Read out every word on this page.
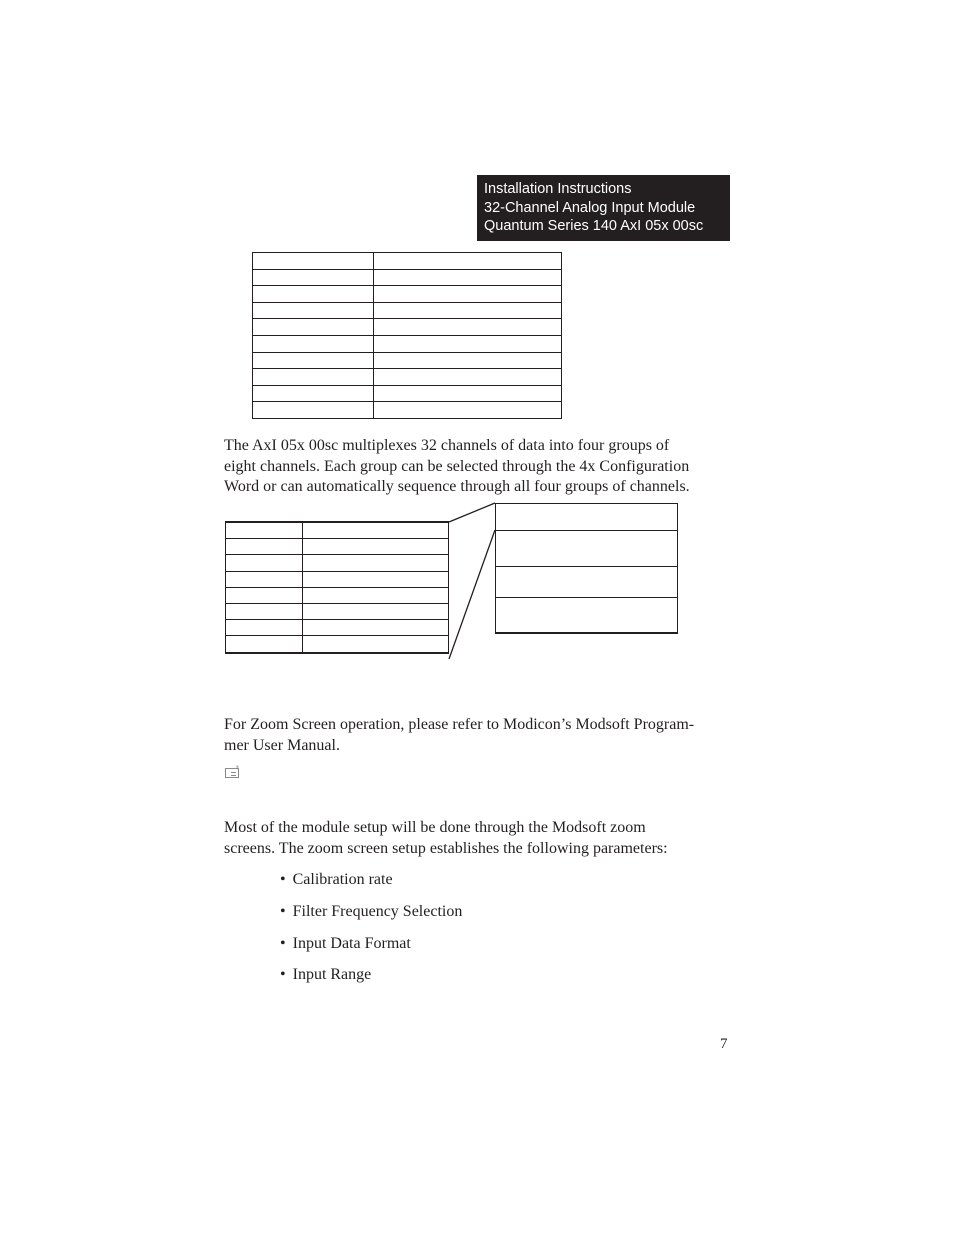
Installation Instructions
32-Channel Analog Input Module
Quantum Series 140 AxI 05x 00sc

The AxI 05x 00sc multiplexes 32 channels of data into four groups of
eight channels. Each group can be selected through the 4x Configuration
Word or can automatically sequence through all four groups of channels.

For Zoom Screen operation, please refer to Modicon’s Modsoft Program-
mer User Manual.
*
Most of the module setup will be done through the Modsoft zoom
screens. The zoom screen setup establishes the following parameters:
• Calibration rate
• Filter Frequency Selection
• Input Data Format
• Input Range
7
